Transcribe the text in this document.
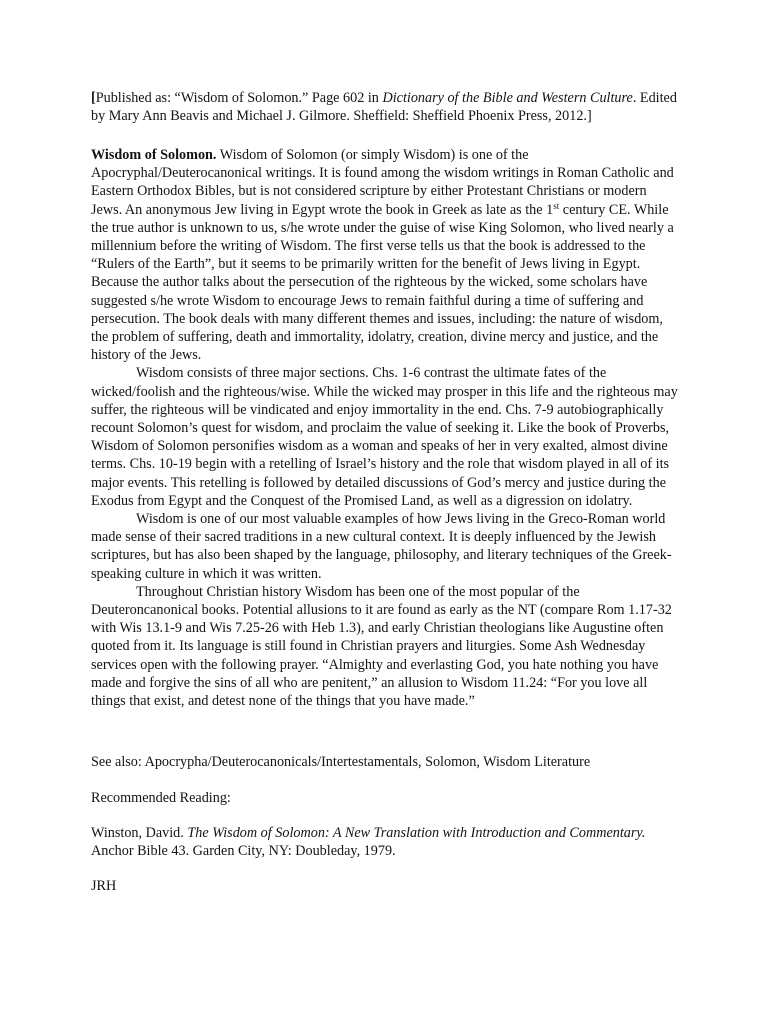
[Published as: “Wisdom of Solomon.” Page 602 in Dictionary of the Bible and Western Culture. Edited by Mary Ann Beavis and Michael J. Gilmore. Sheffield: Sheffield Phoenix Press, 2012.]

Wisdom of Solomon. Wisdom of Solomon (or simply Wisdom) is one of the Apocryphal/Deuterocanonical writings. It is found among the wisdom writings in Roman Catholic and Eastern Orthodox Bibles, but is not considered scripture by either Protestant Christians or modern Jews. An anonymous Jew living in Egypt wrote the book in Greek as late as the 1st century CE. While the true author is unknown to us, s/he wrote under the guise of wise King Solomon, who lived nearly a millennium before the writing of Wisdom. The first verse tells us that the book is addressed to the “Rulers of the Earth”, but it seems to be primarily written for the benefit of Jews living in Egypt. Because the author talks about the persecution of the righteous by the wicked, some scholars have suggested s/he wrote Wisdom to encourage Jews to remain faithful during a time of suffering and persecution. The book deals with many different themes and issues, including: the nature of wisdom, the problem of suffering, death and immortality, idolatry, creation, divine mercy and justice, and the history of the Jews.

Wisdom consists of three major sections. Chs. 1-6 contrast the ultimate fates of the wicked/foolish and the righteous/wise. While the wicked may prosper in this life and the righteous may suffer, the righteous will be vindicated and enjoy immortality in the end. Chs. 7-9 autobiographically recount Solomon’s quest for wisdom, and proclaim the value of seeking it. Like the book of Proverbs, Wisdom of Solomon personifies wisdom as a woman and speaks of her in very exalted, almost divine terms. Chs. 10-19 begin with a retelling of Israel’s history and the role that wisdom played in all of its major events. This retelling is followed by detailed discussions of God’s mercy and justice during the Exodus from Egypt and the Conquest of the Promised Land, as well as a digression on idolatry.

Wisdom is one of our most valuable examples of how Jews living in the Greco-Roman world made sense of their sacred traditions in a new cultural context. It is deeply influenced by the Jewish scriptures, but has also been shaped by the language, philosophy, and literary techniques of the Greek-speaking culture in which it was written.

Throughout Christian history Wisdom has been one of the most popular of the Deuteroncanonical books. Potential allusions to it are found as early as the NT (compare Rom 1.17-32 with Wis 13.1-9 and Wis 7.25-26 with Heb 1.3), and early Christian theologians like Augustine often quoted from it. Its language is still found in Christian prayers and liturgies. Some Ash Wednesday services open with the following prayer. “Almighty and everlasting God, you hate nothing you have made and forgive the sins of all who are penitent,” an allusion to Wisdom 11.24: “For you love all things that exist, and detest none of the things that you have made.”

See also: Apocrypha/Deuterocanonicals/Intertestamentals, Solomon, Wisdom Literature

Recommended Reading:

Winston, David. The Wisdom of Solomon: A New Translation with Introduction and Commentary. Anchor Bible 43. Garden City, NY: Doubleday, 1979.

JRH
